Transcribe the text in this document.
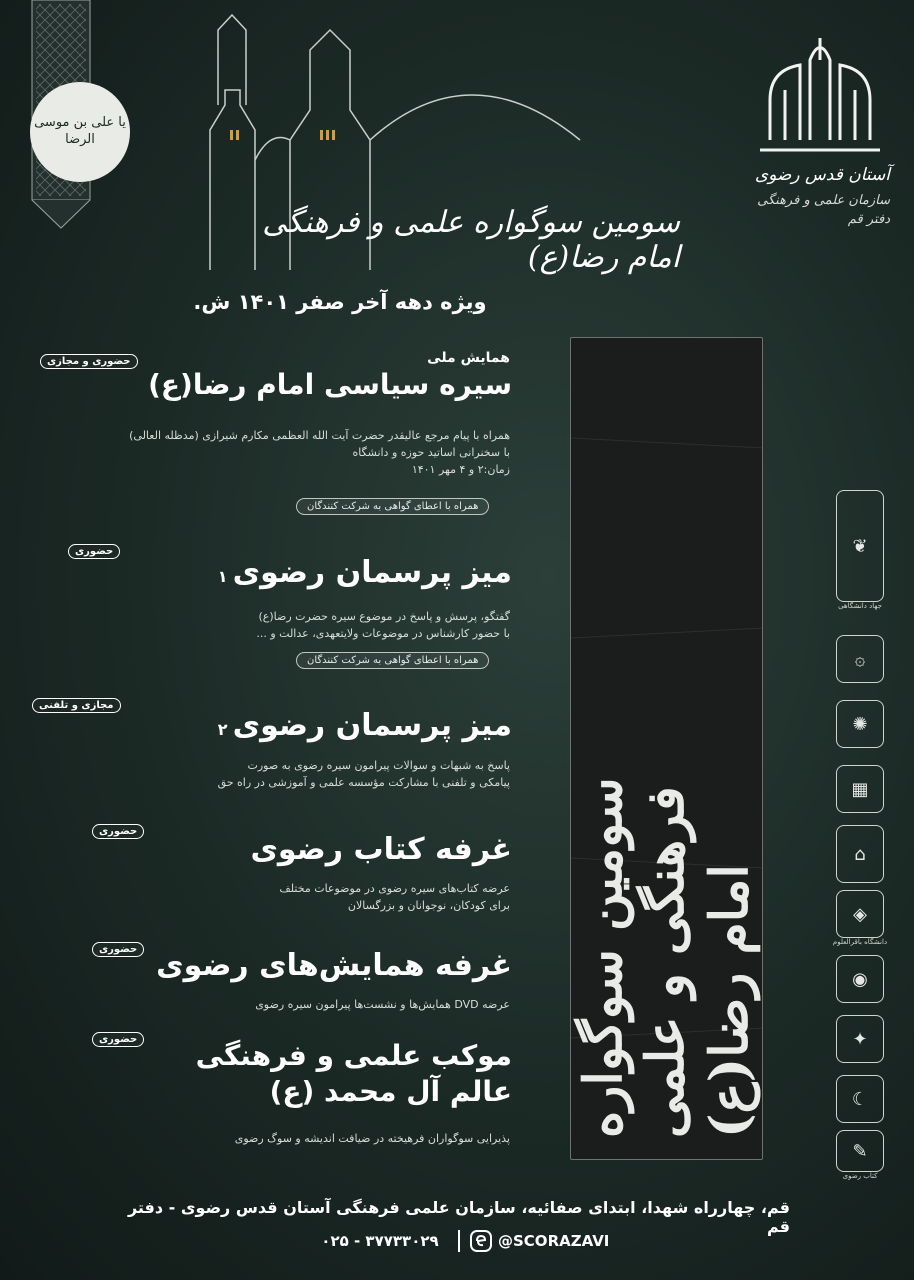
یا علی بن موسی الرضا
آستان قدس رضوی
سازمان علمی و فرهنگی
دفتر قم
سومین سوگواره علمی و فرهنگی امام رضا(ع)
ویژه دهه آخر صفر ۱۴۰۱ ش.
امام رضا(ع)
فرهنگی و علمی
سومین سوگواره
همایش ملی
سیره سیاسی امام رضا(ع)
حضوری و مجازی
همراه با پیام مرجع عالیقدر حضرت آیت الله العظمی مکارم شیرازی (مدظله العالی)
با سخنرانی اساتید حوزه و دانشگاه
زمان:۲ و ۴ مهر ۱۴۰۱
همراه با اعطای گواهی به شرکت کنندگان
حضوری
میز پرسمان رضوی ۱
گفتگو، پرسش و پاسخ در موضوع سیره حضرت رضا(ع)
با حضور کارشناس در موضوعات ولایتعهدی، عدالت و ...
همراه با اعطای گواهی به شرکت کنندگان
مجازی و تلفنی
میز پرسمان رضوی ۲
پاسخ به شبهات و سوالات پیرامون سیره رضوی به صورت
پیامکی و تلفنی با مشارکت مؤسسه علمی و آموزشی در راه حق
حضوری
غرفه کتاب رضوی
عرضه کتاب‌های سیره رضوی در موضوعات مختلف
برای کودکان، نوجوانان و بزرگسالان
حضوری غرفه همایش‌های رضوی
عرضه DVD همایش‌ها و نشست‌ها پیرامون سیره رضوی
حضوری	موکب علمی و فرهنگی
عالم آل محمد (ع)
پذیرایی سوگواران فرهیخته در ضیافت اندیشه و سوگ رضوی
❦
جهاد دانشگاهی
۞
✺
▦
⌂
◈
دانشگاه باقرالعلوم
◉
✦
☾
✎
کتاب رضوی
قم، چهارراه شهدا، ابتدای صفائیه، سازمان علمی فرهنگی آستان قدس رضوی - دفتر قم
۰۲۵ - ۳۷۷۳۳۰۲۹	@SCORAZAVI
